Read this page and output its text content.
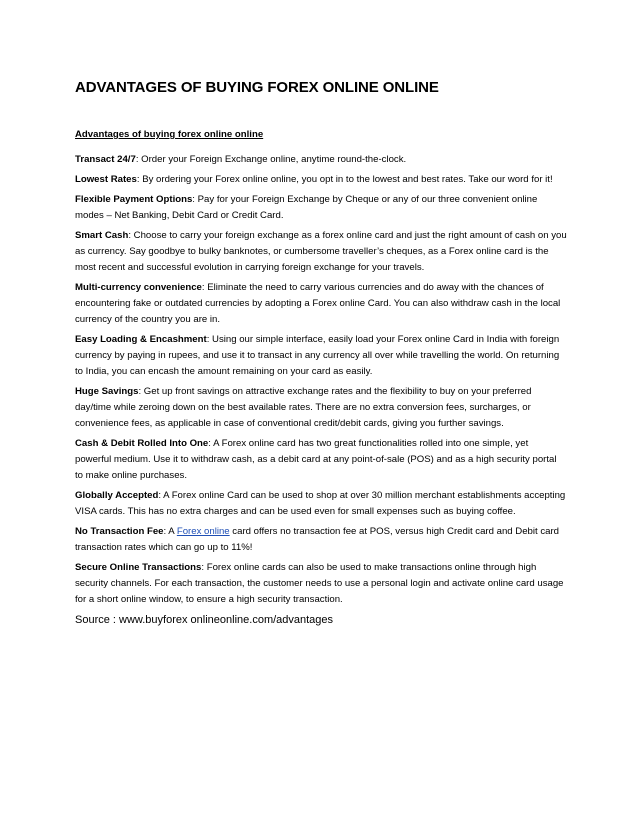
ADVANTAGES OF BUYING FOREX ONLINE ONLINE
Advantages of buying forex online online

Transact 24/7: Order your Foreign Exchange online, anytime round-the-clock.

Lowest Rates: By ordering your Forex online online, you opt in to the lowest and best rates. Take our word for it!

Flexible Payment Options: Pay for your Foreign Exchange by Cheque or any of our three convenient online modes – Net Banking, Debit Card or Credit Card.

Smart Cash: Choose to carry your foreign exchange as a forex online card and just the right amount of cash on you as currency. Say goodbye to bulky banknotes, or cumbersome traveller’s cheques, as a Forex online card is the most recent and successful evolution in carrying foreign exchange for your travels.

Multi-currency convenience: Eliminate the need to carry various currencies and do away with the chances of encountering fake or outdated currencies by adopting a Forex online Card. You can also withdraw cash in the local currency of the country you are in.

Easy Loading & Encashment: Using our simple interface, easily load your Forex online Card in India with foreign currency by paying in rupees, and use it to transact in any currency all over while travelling the world. On returning to India, you can encash the amount remaining on your card as easily.

Huge Savings: Get up front savings on attractive exchange rates and the flexibility to buy on your preferred day/time while zeroing down on the best available rates. There are no extra conversion fees, surcharges, or convenience fees, as applicable in case of conventional credit/debit cards, giving you further savings.

Cash & Debit Rolled Into One: A Forex online card has two great functionalities rolled into one simple, yet powerful medium. Use it to withdraw cash, as a debit card at any point-of-sale (POS) and as a high security portal to make online purchases.

Globally Accepted: A Forex online Card can be used to shop at over 30 million merchant establishments accepting VISA cards. This has no extra charges and can be used even for small expenses such as buying coffee.

No Transaction Fee: A Forex online card offers no transaction fee at POS, versus high Credit card and Debit card transaction rates which can go up to 11%!

Secure Online Transactions: Forex online cards can also be used to make transactions online through high security channels. For each transaction, the customer needs to use a personal login and activate online card usage for a short online window, to ensure a high security transaction.

Source : www.buyforex onlineonline.com/advantages
